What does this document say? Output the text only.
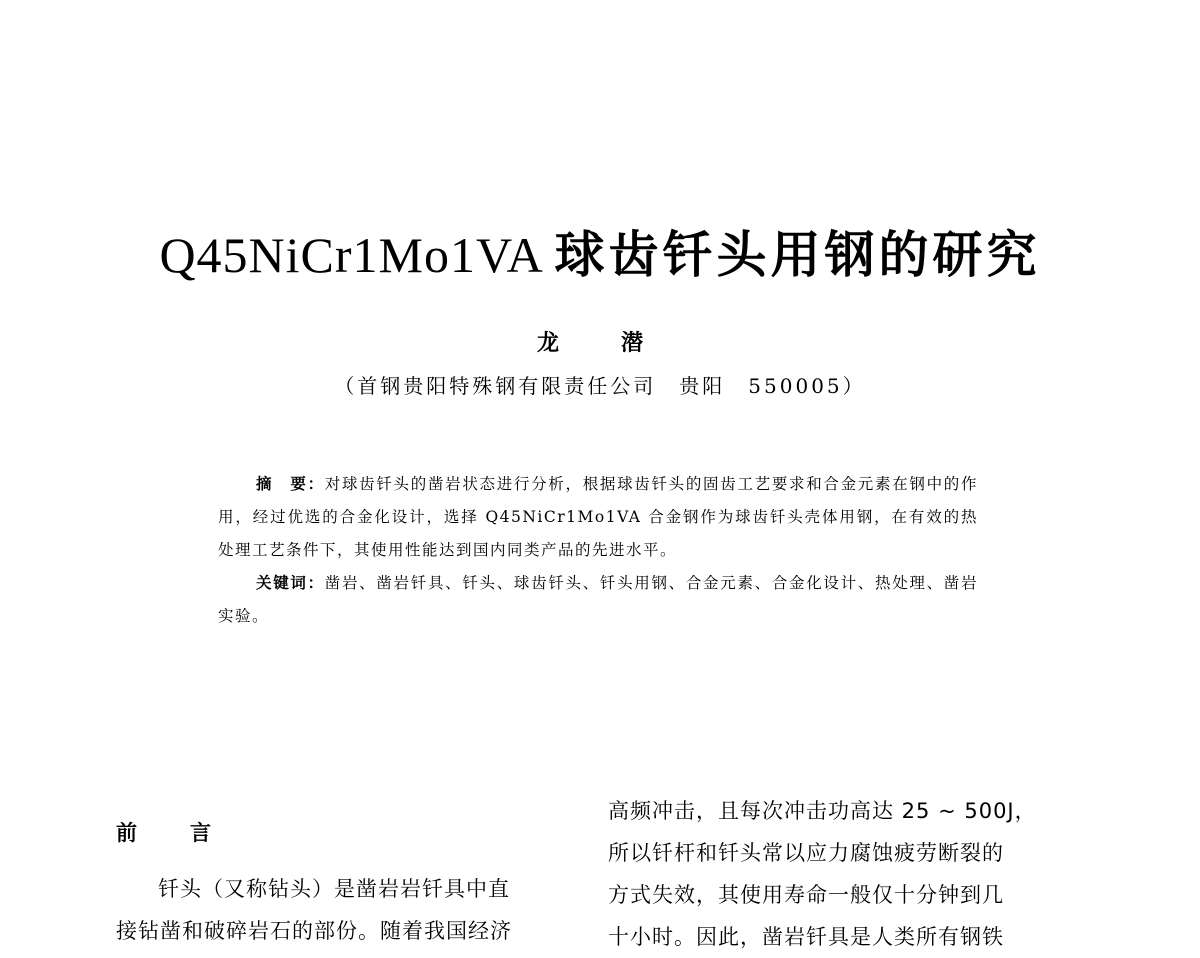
Q45NiCr1Mo1VA 球齿钎头用钢的研究
龙　潜
（首钢贵阳特殊钢有限责任公司　贵阳　550005）

摘　要：对球齿钎头的凿岩状态进行分析，根据球齿钎头的固齿工艺要求和合金元素在钢中的作用，经过优选的合金化设计，选择 Q45NiCr1Mo1VA 合金钢作为球齿钎头壳体用钢，在有效的热处理工艺条件下，其使用性能达到国内同类产品的先进水平。

关键词：凿岩、凿岩钎具、钎头、球齿钎头、钎头用钢、合金元素、合金化设计、热处理、凿岩实验。

前　言
钎头（又称钻头）是凿岩岩钎具中直
接钻凿和破碎岩石的部份。随着我国经济
高频冲击，且每次冲击功高达 25 ~ 500J，
所以钎杆和钎头常以应力腐蚀疲劳断裂的
方式失效，其使用寿命一般仅十分钟到几
十小时。因此，凿岩钎具是人类所有钢铁
